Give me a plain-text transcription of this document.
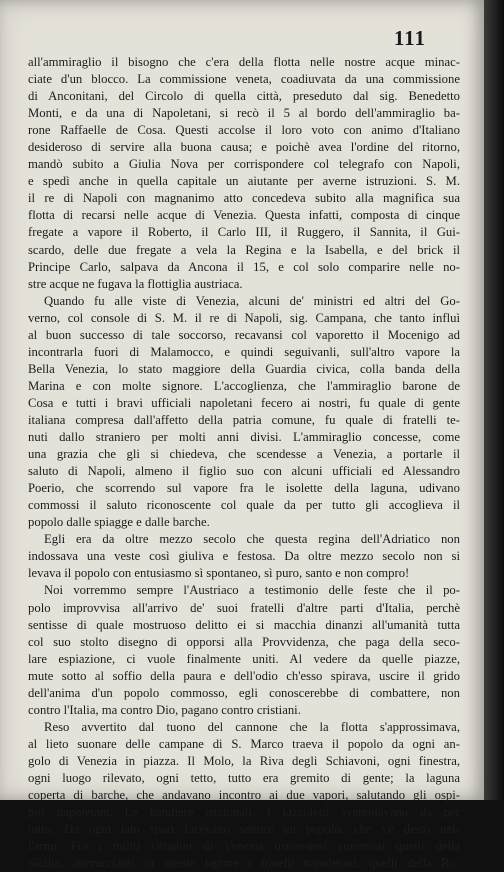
111
all'ammiraglio il bisogno che c'era della flotta nelle nostre acque minac-
ciate d'un blocco. La commissione veneta, coadiuvata da una commissione
di Anconitani, del Circolo di quella città, preseduto dal sig. Benedetto
Monti, e da una di Napoletani, si recò il 5 al bordo dell'ammiraglio ba-
rone Raffaelle de Cosa. Questi accolse il loro voto con animo d'Italiano
desideroso di servire alla buona causa; e poichè avea l'ordine del ritorno,
mandò subito a Giulia Nova per corrispondere col telegrafo con Napoli,
e spedì anche in quella capitale un aiutante per averne istruzioni. S. M.
il re di Napoli con magnanimo atto concedeva subito alla magnifica sua
flotta di recarsi nelle acque di Venezia. Questa infatti, composta di cinque
fregate a vapore il Roberto, il Carlo III, il Ruggero, il Sannita, il Gui-
scardo, delle due fregate a vela la Regina e la Isabella, e del brick il
Principe Carlo, salpava da Ancona il 15, e col solo comparire nelle no-
stre acque ne fugava la flottiglia austriaca.
Quando fu alle viste di Venezia, alcuni de' ministri ed altri del Go-
verno, col console di S. M. il re di Napoli, sig. Campana, che tanto influì
al buon successo di tale soccorso, recavansi col vaporetto il Mocenigo ad
incontrarla fuori di Malamocco, e quindi seguivanli, sull'altro vapore la
Bella Venezia, lo stato maggiore della Guardia civica, colla banda della
Marina e con molte signore. L'accoglienza, che l'ammiraglio barone de
Cosa e tutti i bravi ufficiali napoletani fecero ai nostri, fu quale di gente
italiana compresa dall'affetto della patria comune, fu quale di fratelli te-
nuti dallo straniero per molti anni divisi. L'ammiraglio concesse, come
una grazia che gli si chiedeva, che scendesse a Venezia, a portarle il
saluto di Napoli, almeno il figlio suo con alcuni ufficiali ed Alessandro
Poerio, che scorrendo sul vapore fra le isolette della laguna, udivano
commossi il saluto riconoscente col quale da per tutto gli accoglieva il
popolo dalle spiagge e dalle barche.
Egli era da oltre mezzo secolo che questa regina dell'Adriatico non
indossava una veste così giuliva e festosa. Da oltre mezzo secolo non si
levava il popolo con entusiasmo sì spontaneo, sì puro, santo e non compro!
Noi vorremmo sempre l'Austriaco a testimonio delle feste che il po-
polo improvvisa all'arrivo de' suoi fratelli d'altre parti d'Italia, perchè
sentisse di quale mostruoso delitto ei si macchia dinanzi all'umanità tutta
col suo stolto disegno di opporsi alla Provvidenza, che paga della seco-
lare espiazione, ci vuole finalmente uniti. Al vedere da quelle piazze,
mute sotto al soffio della paura e dell'odio ch'esso spirava, uscire il grido
dell'anima d'un popolo commosso, egli conoscerebbe di combattere, non
contro l'Italia, ma contro Dio, pagano contro cristiani.
Reso avvertito dal tuono del cannone che la flotta s'approssimava,
al lieto suonare delle campane di S. Marco traeva il popolo da ogni an-
golo di Venezia in piazza. Il Molo, la Riva degli Schiavoni, ogni finestra,
ogni luogo rilevato, ogni tetto, tutto era gremito di gente; la laguna
coperta di barche, che andavano incontro ai due vapori, salutando gli ospi-
piti napoletani. Le bandiere nazionali, i fazzoletti sventolavano da per
tutto. Da ogni lato spari facevano sentire un popolo, che s'è desto nel-
l'armi. Fra i militi cittadini di Venezia trovavansi commisti quelli della
Sicilia, abbraccianti in queste lagune i fratelli napoletani, quelli della Ro-
